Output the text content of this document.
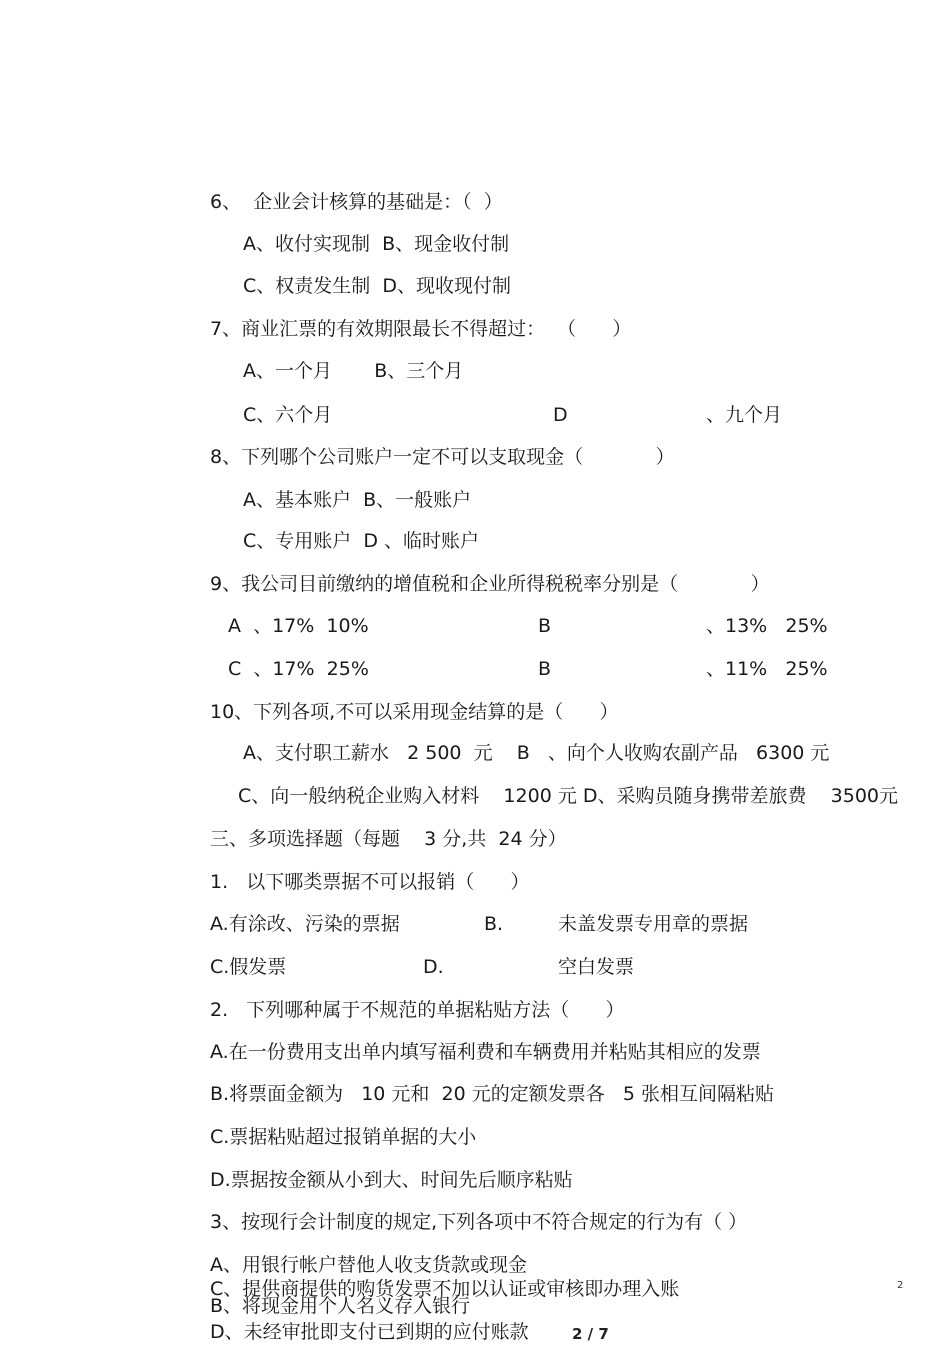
6、  企业会计核算的基础是：（  ）
A、收付实现制  B、现金收付制
C、权责发生制  D、现收现付制
7、商业汇票的有效期限最长不得超过：  （      ）
A、一个月       B、三个月
C、六个月	D	、九个月
8、下列哪个公司账户一定不可以支取现金（            ）
A、基本账户  B、一般账户
C、专用账户  D 、临时账户
9、我公司目前缴纳的增值税和企业所得税税率分别是（            ）
A  、17%  10%	B	、13%   25%
C  、17%  25%	B	、11%   25%
10、下列各项,不可以采用现金结算的是（      ）
A、支付职工薪水   2 500  元    B   、向个人收购农副产品   6300 元
C、向一般纳税企业购入材料    1200 元 D、采购员随身携带差旅费    3500元
三、多项选择题（每题    3 分,共  24 分）
1.   以下哪类票据不可以报销（      ）
A.有涂改、污染的票据	B.	未盖发票专用章的票据
C.假发票	D.	空白发票
2.   下列哪种属于不规范的单据粘贴方法（      ）
A.在一份费用支出单内填写福利费和车辆费用并粘贴其相应的发票
B.将票面金额为   10 元和  20 元的定额发票各   5 张相互间隔粘贴
C.票据粘贴超过报销单据的大小
D.票据按金额从小到大、时间先后顺序粘贴
3、按现行会计制度的规定,下列各项中不符合规定的行为有（ ）
A、用银行帐户替他人收支货款或现金
C、提供商提供的购货发票不加以认证或审核即办理入账
B、将现金用个人名义存入银行
D、未经审批即支付已到期的应付账款
2
2 / 7
